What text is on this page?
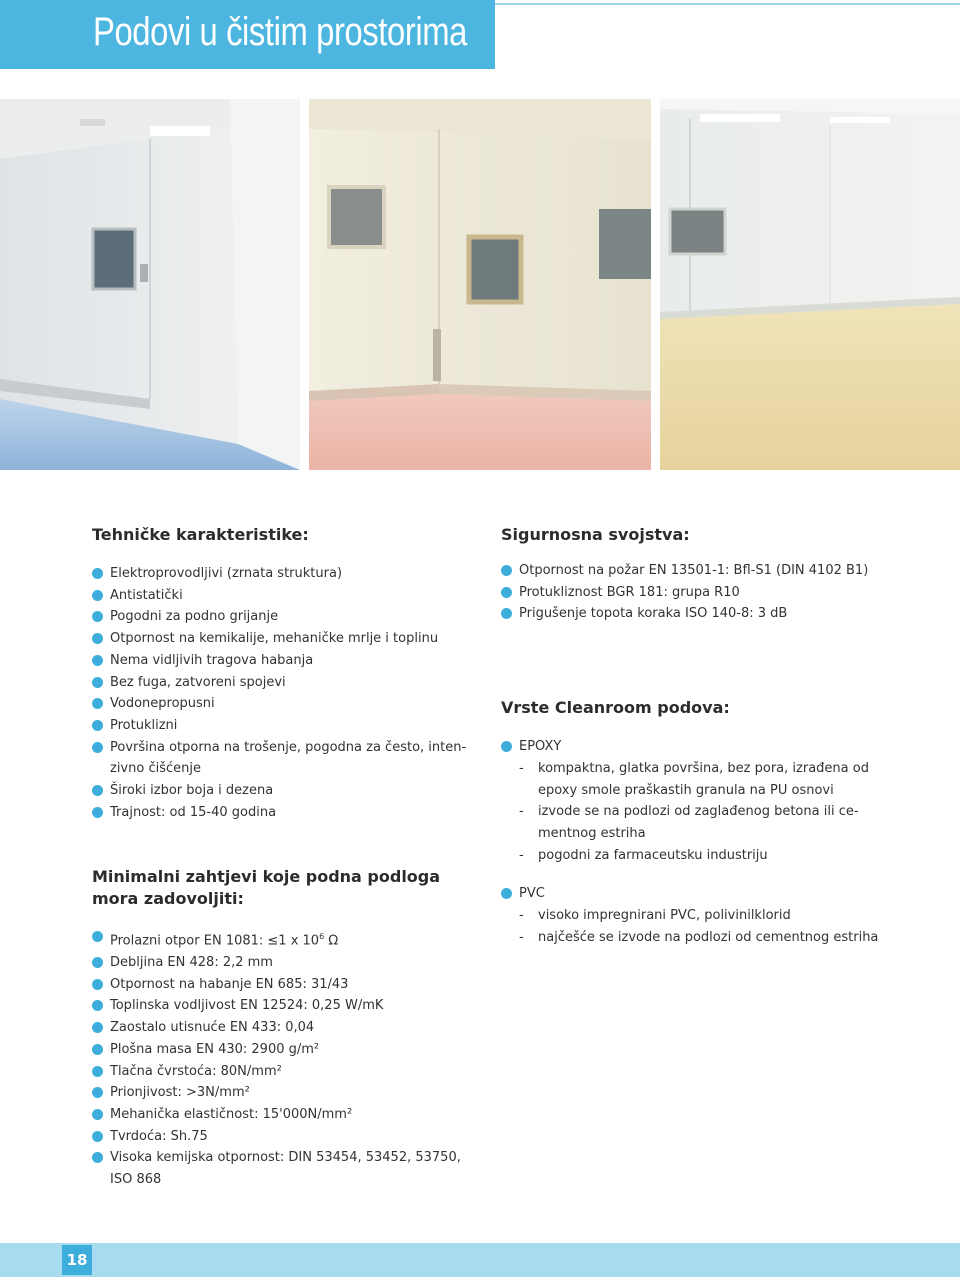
Podovi u čistim prostorima
Tehničke karakteristike:
Elektroprovodljivi (zrnata struktura)
Antistatički
Pogodni za podno grijanje
Otpornost na kemikalije, mehaničke mrlje i toplinu
Nema vidljivih tragova habanja
Bez fuga, zatvoreni spojevi
Vodonepropusni
Protuklizni
Površina otporna na trošenje, pogodna za često, inten-
zivno čišćenje
Široki izbor boja i dezena
Trajnost: od 15-40 godina
Minimalni zahtjevi koje podna podloga
mora zadovoljiti:
Prolazni otpor EN 1081: ≤1 x $10^6$ Ω
Debljina EN 428: 2,2 mm
Otpornost na habanje EN 685: 31/43
Toplinska vodljivost EN 12524: 0,25 W/mK
Zaostalo utisnuće EN 433: 0,04
Plošna masa EN 430: 2900 g/m²
Tlačna čvrstoća: 80N/mm²
Prionjivost: >3N/mm²
Mehanička elastičnost: 15'000N/mm²
Tvrdoća: Sh.75
Visoka kemijska otpornost: DIN 53454, 53452, 53750,
ISO 868
Sigurnosna svojstva:
Otpornost na požar EN 13501-1: Bfl-S1 (DIN 4102 B1)
Protukliznost BGR 181: grupa R10
Prigušenje topota koraka ISO 140-8: 3 dB
Vrste Cleanroom podova:
EPOXY
- kompaktna, glatka površina, bez pora, izrađena od
epoxy smole praškastih granula na PU osnovi
- izvode se na podlozi od zaglađenog betona ili ce-
mentnog estriha
- pogodni za farmaceutsku industriju
PVC
- visoko impregnirani PVC, polivinilklorid
- najčešće se izvode na podlozi od cementnog estriha
18
